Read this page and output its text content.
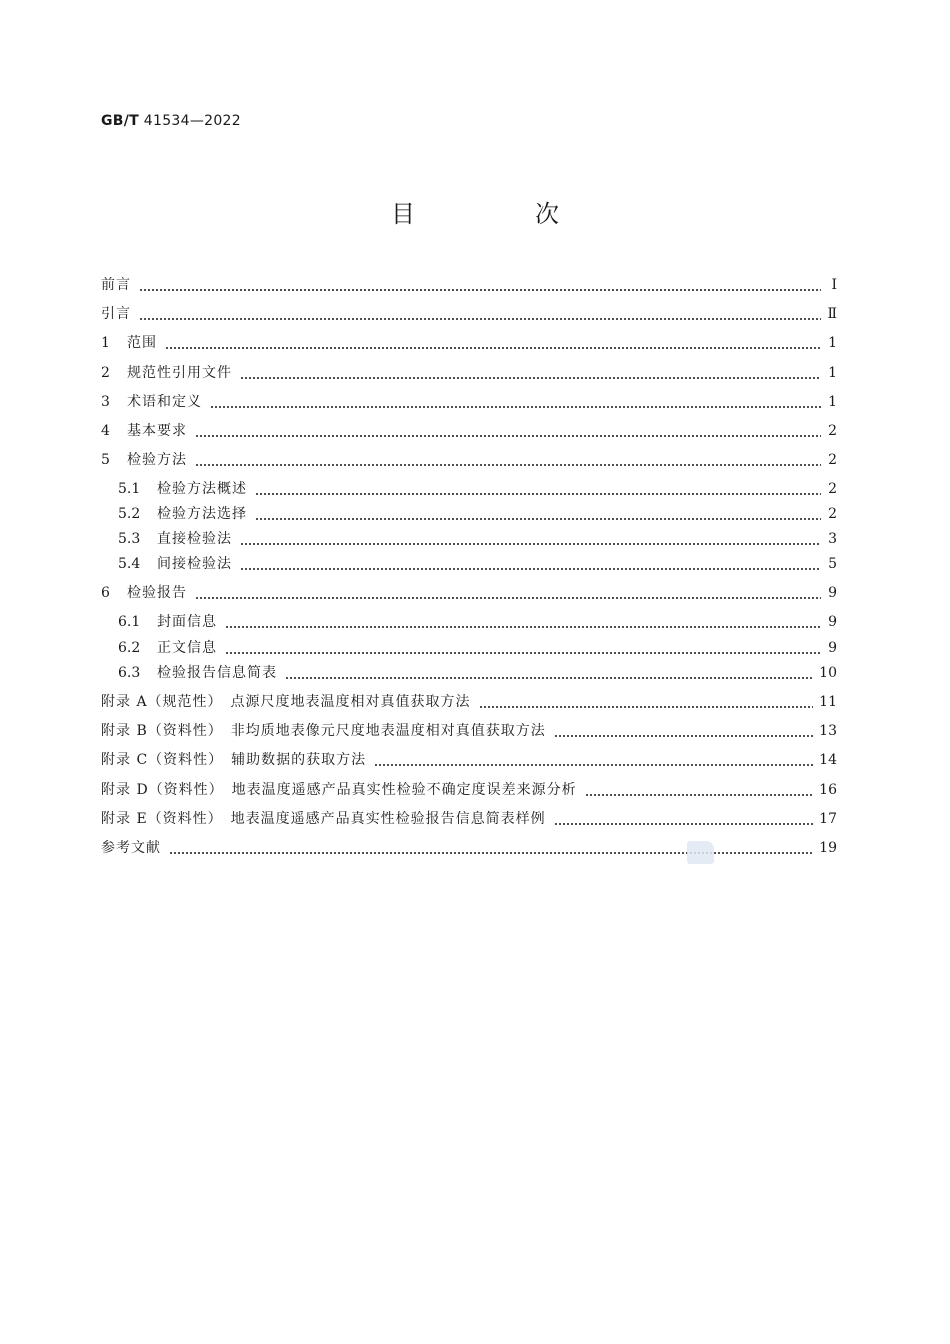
GB/T 41534—2022
目　次
前言	Ⅰ
引言	Ⅱ
1	范围	1
2	规范性引用文件	1
3	术语和定义	1
4	基本要求	2
5	检验方法	2
5.1	检验方法概述	2
5.2	检验方法选择	2
5.3	直接检验法	3
5.4	间接检验法	5
6	检验报告	9
6.1	封面信息	9
6.2	正文信息	9
6.3	检验报告信息简表	10
附录 A（规范性）　点源尺度地表温度相对真值获取方法	11
附录 B（资料性）　非均质地表像元尺度地表温度相对真值获取方法	13
附录 C（资料性）　辅助数据的获取方法	14
附录 D（资料性）　地表温度遥感产品真实性检验不确定度误差来源分析	16
附录 E（资料性）　地表温度遥感产品真实性检验报告信息简表样例	17
参考文献	19
